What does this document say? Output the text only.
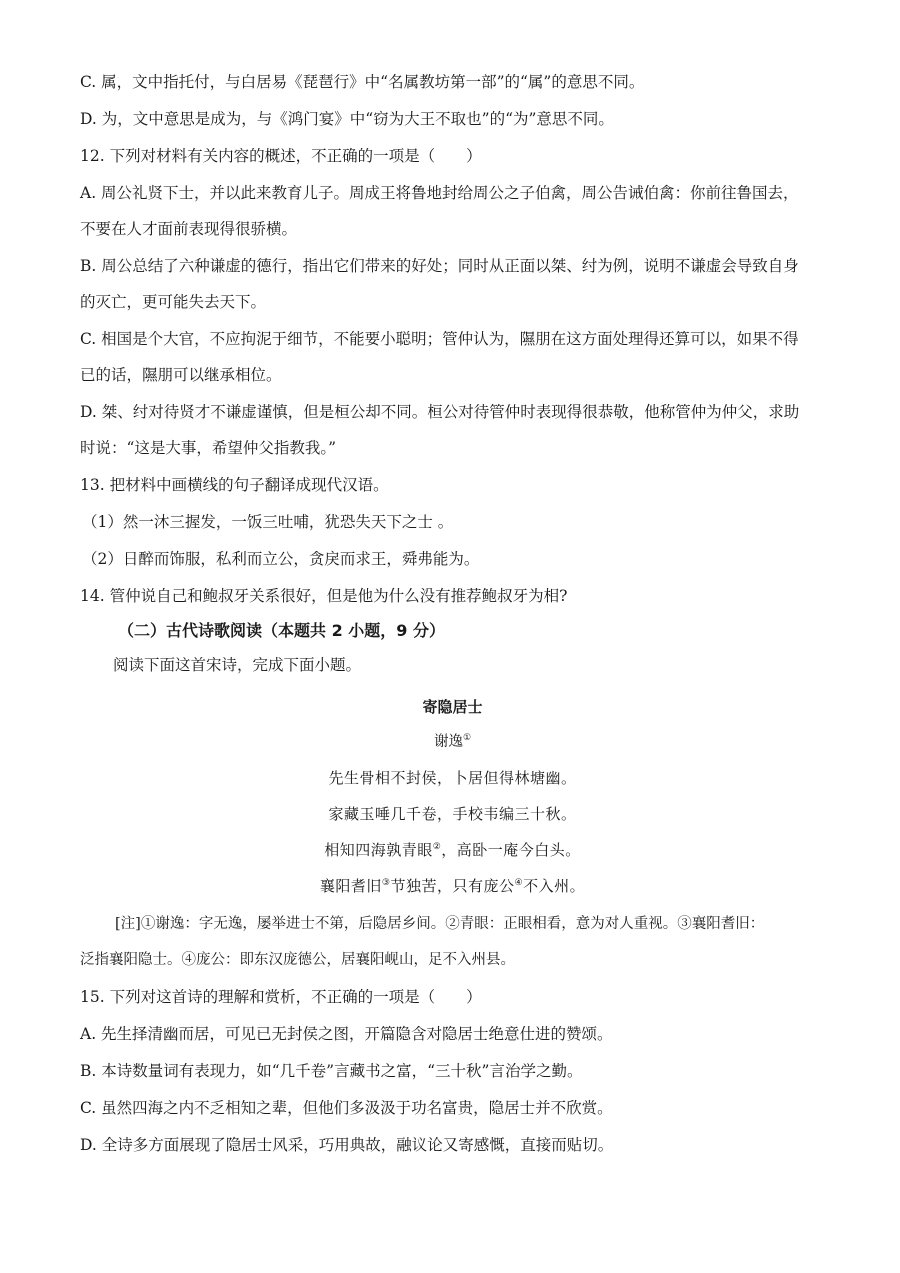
C. 属，文中指托付，与白居易《琵琶行》中“名属教坊第一部”的“属”的意思不同。

D. 为，文中意思是成为，与《鸿门宴》中“窃为大王不取也”的“为”意思不同。

12. 下列对材料有关内容的概述，不正确的一项是（　　）

A. 周公礼贤下士，并以此来教育儿子。周成王将鲁地封给周公之子伯禽，周公告诫伯禽：你前往鲁国去，

不要在人才面前表现得很骄横。

B. 周公总结了六种谦虚的德行，指出它们带来的好处；同时从正面以桀、纣为例，说明不谦虚会导致自身

的灭亡，更可能失去天下。

C. 相国是个大官，不应拘泥于细节，不能要小聪明；管仲认为，隰朋在这方面处理得还算可以，如果不得

已的话，隰朋可以继承相位。

D. 桀、纣对待贤才不谦虚谨慎，但是桓公却不同。桓公对待管仲时表现得很恭敬，他称管仲为仲父，求助

时说：“这是大事，希望仲父指教我。”

13. 把材料中画横线的句子翻译成现代汉语。

（1）然一沐三握发，一饭三吐哺，犹恐失天下之士 。

（2）日醉而饰服，私利而立公，贪戾而求王，舜弗能为。

14. 管仲说自己和鲍叔牙关系很好，但是他为什么没有推荐鲍叔牙为相?

（二）古代诗歌阅读（本题共 2 小题，9 分）

阅读下面这首宋诗，完成下面小题。

寄隐居士
谢逸①
先生骨相不封侯，卜居但得林塘幽。
家藏玉唾几千卷，手校韦编三十秋。
相知四海孰青眼②，高卧一庵今白头。
襄阳耆旧③节独苦，只有庞公④不入州。

[注]①谢逸：字无逸，屡举进士不第，后隐居乡间。②青眼：正眼相看，意为对人重视。③襄阳耆旧：

泛指襄阳隐士。④庞公：即东汉庞德公，居襄阳岘山，足不入州县。

15. 下列对这首诗的理解和赏析，不正确的一项是（　　）

A. 先生择清幽而居，可见已无封侯之图，开篇隐含对隐居士绝意仕进的赞颂。

B. 本诗数量词有表现力，如“几千卷”言藏书之富，“三十秋”言治学之勤。

C. 虽然四海之内不乏相知之辈，但他们多汲汲于功名富贵，隐居士并不欣赏。

D. 全诗多方面展现了隐居士风采，巧用典故，融议论又寄感慨，直接而贴切。
